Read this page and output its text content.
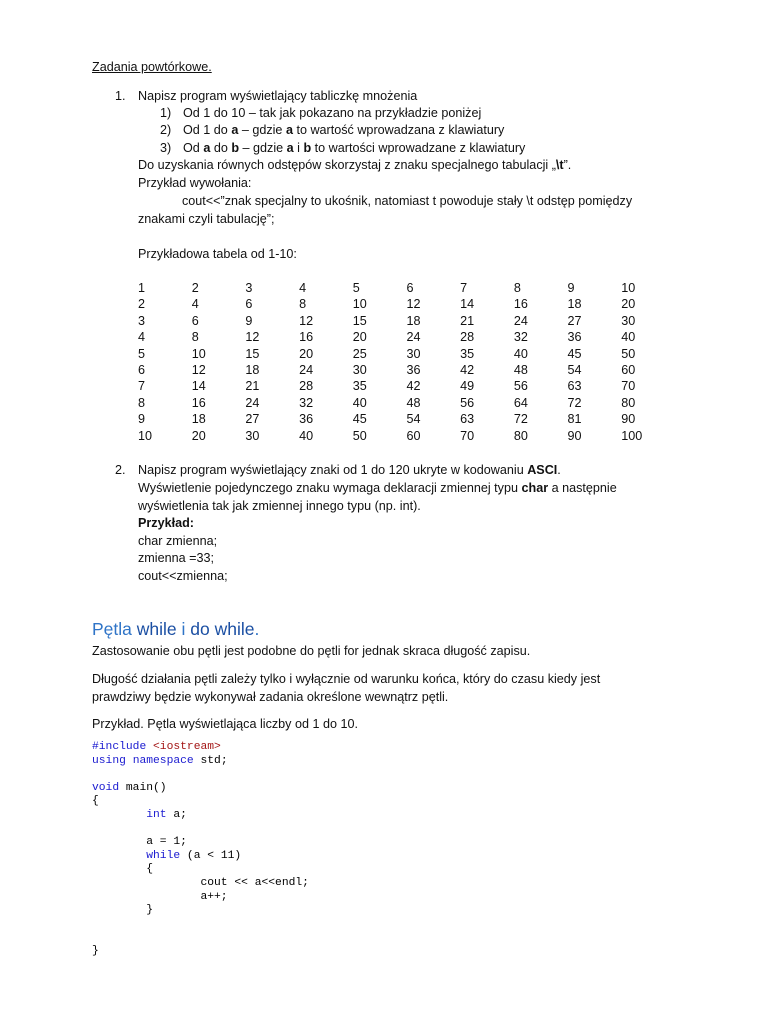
Zadania powtórkowe.
1. Napisz program wyświetlający tabliczkę mnożenia
1) Od 1 do 10 – tak jak pokazano na przykładzie poniżej
2) Od 1 do a – gdzie a to wartość wprowadzana z klawiatury
3) Od a do b – gdzie a i b to wartości wprowadzane z klawiatury
Do uzyskania równych odstępów skorzystaj z znaku specjalnego tabulacji „\t”.
Przykład wywołania:
cout<<”znak specjalny to ukośnik, natomiast t powoduje stały \t odstęp pomiędzy
znakami czyli tabulację”;
Przykładowa tabela od 1-10:
1	2	3	4	5	6	7	8	9	10
2	4	6	8	10	12	14	16	18	20
3	6	9	12	15	18	21	24	27	30
4	8	12	16	20	24	28	32	36	40
5	10	15	20	25	30	35	40	45	50
6	12	18	24	30	36	42	48	54	60
7	14	21	28	35	42	49	56	63	70
8	16	24	32	40	48	56	64	72	80
9	18	27	36	45	54	63	72	81	90
10	20	30	40	50	60	70	80	90	100
2. Napisz program wyświetlający znaki od 1 do 120 ukryte w kodowaniu ASCI.
Wyświetlenie pojedynczego znaku wymaga deklaracji zmiennej typu char a następnie
wyświetlenia tak jak zmiennej innego typu (np. int).
Przykład:
char zmienna;
zmienna =33;
cout<<zmienna;
Pętla while i do while.
Zastosowanie obu pętli jest podobne do pętli for jednak skraca długość zapisu.
Długość działania pętli zależy tylko i wyłącznie od warunku końca, który do czasu kiedy jest
prawdziwy będzie wykonywał zadania określone wewnątrz pętli.
Przykład. Pętla wyświetlająca liczby od 1 do 10.
#include <iostream>
using namespace std;

void main()
{
int a;

a = 1;
while (a < 11)
{
cout << a<<endl;
a++;
}

}
